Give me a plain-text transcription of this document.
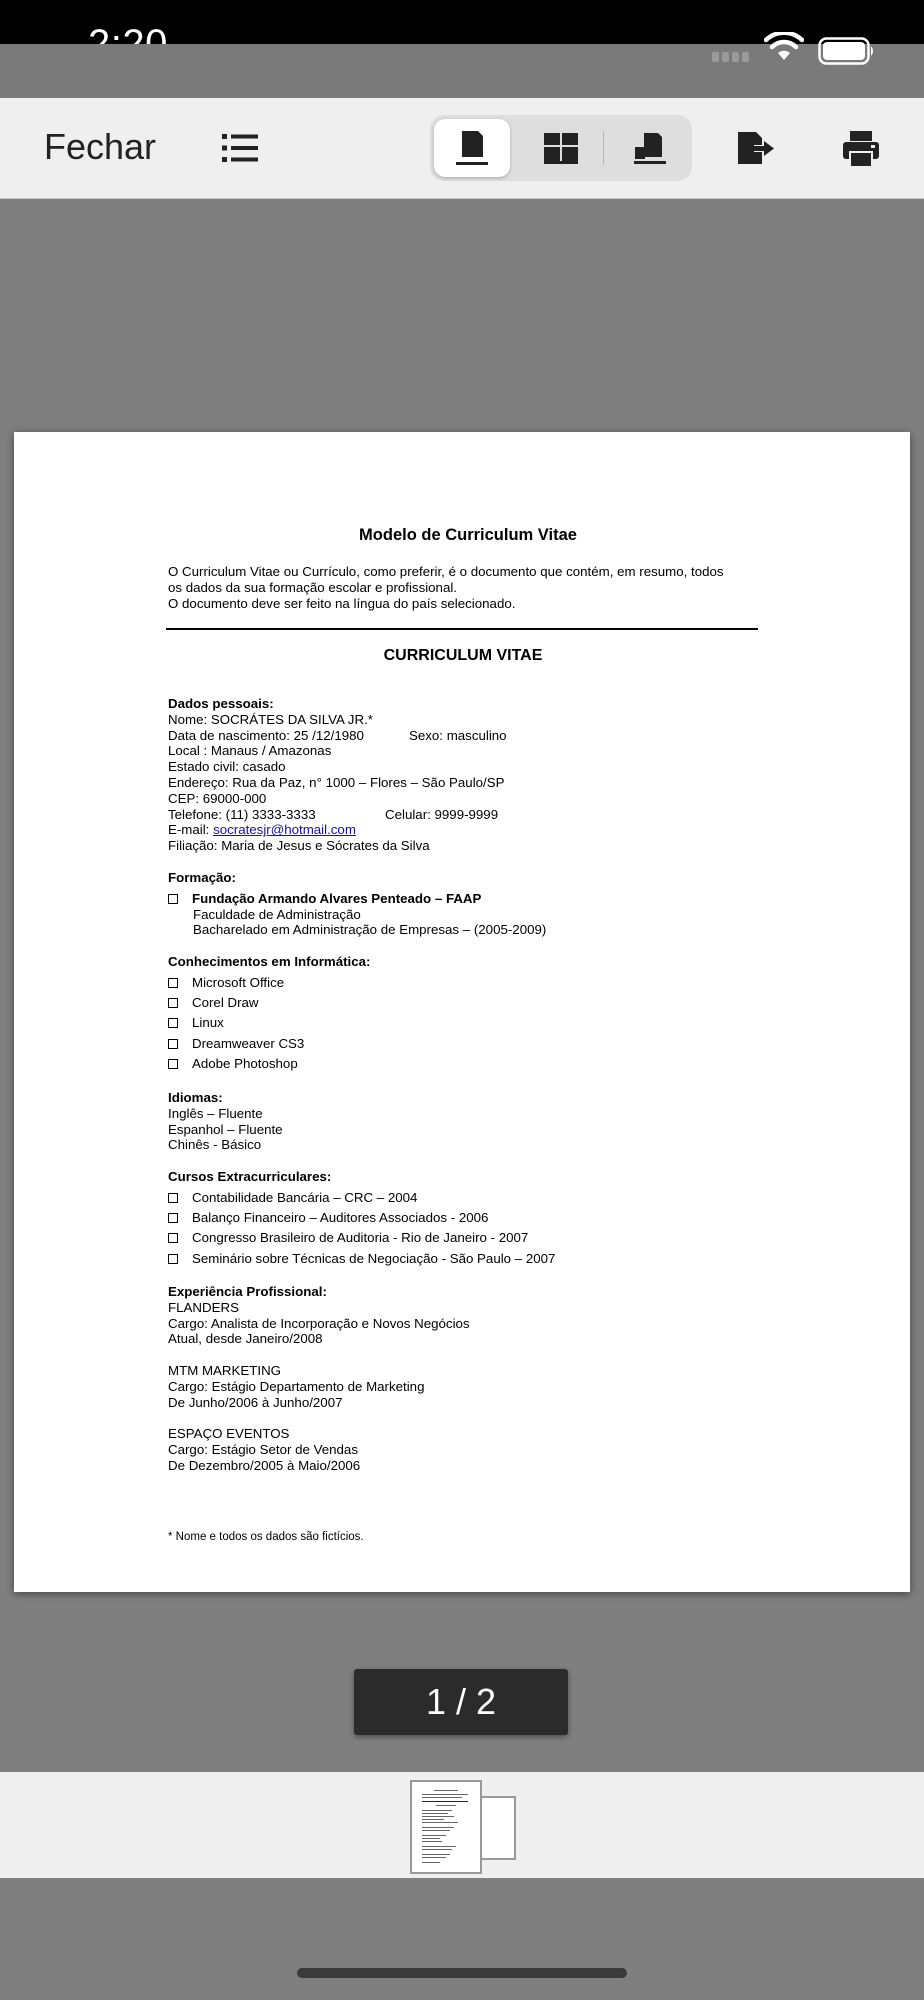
Fechar
Modelo de Curriculum Vitae
O Curriculum Vitae ou Currículo, como preferir, é o documento que contém, em resumo, todos
os dados da sua formação escolar e profissional.
O documento deve ser feito na língua do país selecionado.
CURRICULUM VITAE
Dados pessoais:
Nome: SOCRÁTES DA SILVA JR.*
Data de nascimento: 25 /12/1980	Sexo: masculino
Local : Manaus / Amazonas
Estado civil: casado
Endereço: Rua da Paz, n° 1000 – Flores – São Paulo/SP
CEP: 69000-000
Telefone: (11) 3333-3333	Celular: 9999-9999
E-mail: socratesjr@hotmail.com
Filiação: Maria de Jesus e Sócrates da Silva
Formação:
Fundação Armando Alvares Penteado – FAAP
Faculdade de Administração
Bacharelado em Administração de Empresas – (2005-2009)
Conhecimentos em Informática:
Microsoft Office
Corel Draw
Linux
Dreamweaver CS3
Adobe Photoshop
Idiomas:
Inglês – Fluente
Espanhol – Fluente
Chinês - Básico
Cursos Extracurriculares:
Contabilidade Bancária – CRC – 2004
Balanço Financeiro – Auditores Associados - 2006
Congresso Brasileiro de Auditoria - Rio de Janeiro - 2007
Seminário sobre Técnicas de Negociação - São Paulo – 2007
Experiência Profissional:
FLANDERS
Cargo: Analista de Incorporação e Novos Negócios
Atual, desde Janeiro/2008
MTM MARKETING
Cargo: Estágio Departamento de Marketing
De Junho/2006 à Junho/2007
ESPAÇO EVENTOS
Cargo: Estágio Setor de Vendas
De Dezembro/2005 à Maio/2006
* Nome e todos os dados são fictícios.
1 / 2
